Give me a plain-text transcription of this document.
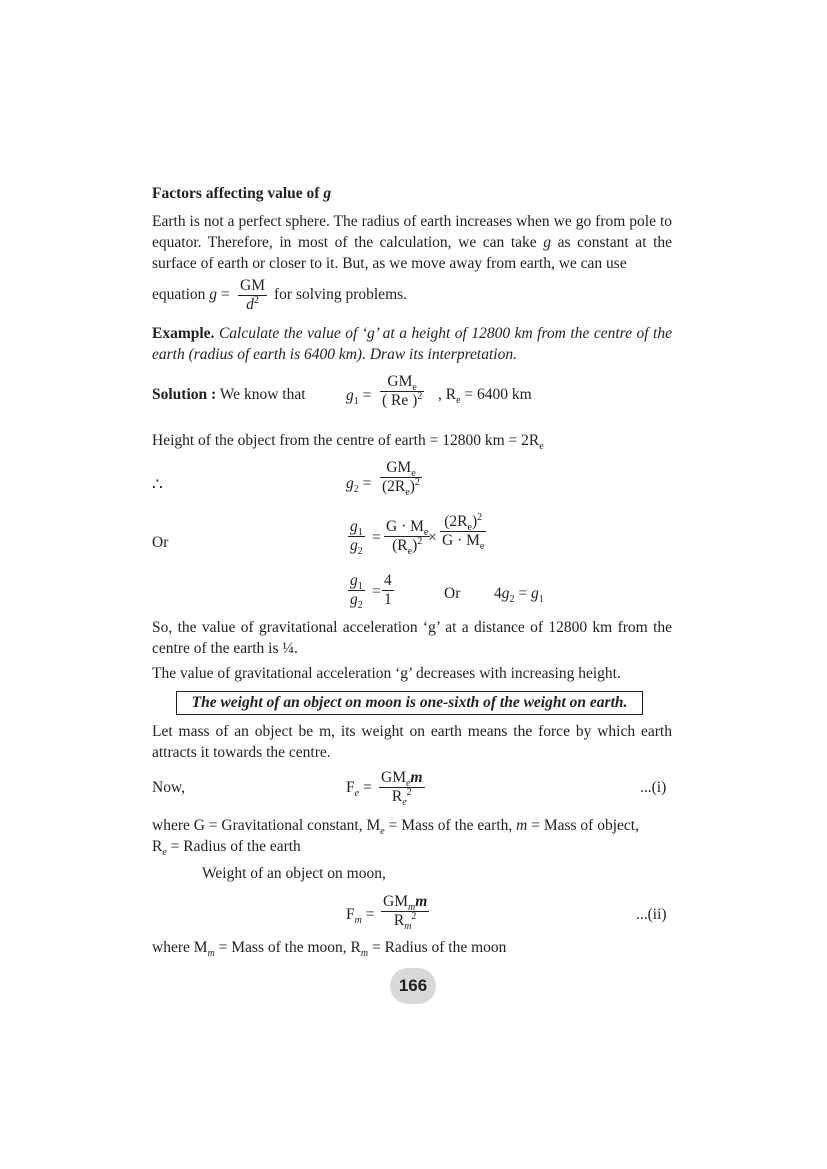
Factors affecting value of g
Earth is not a perfect sphere. The radius of earth increases when we go from pole to equator. Therefore, in most of the calculation, we can take g as constant at the surface of earth or closer to it. But, as we move away from earth, we can use
equation g =
GM
$d^2$ for solving problems.
Example. Calculate the value of ‘g’ at a height of 12800 km from the centre of the earth (radius of earth is 6400 km). Draw its interpretation.
Solution : We know that	$g_1$ =
$GM_e$
( Re )$^2$ , $R_e = 6400$ km
Height of the object from the centre of earth = 12800 km = $2R_e$
∴	$g_2$ =
$GM_e$
$(2R_e)^2$
Or
$g_1$
$g_2$
=
$G \cdot M_e$
$(R_e)^2$ ×
$(2R_e)^2$
$G \cdot M_e$
$g_1$
$g_2$
=
4
1	Or $4g_2 = g_1$
So, the value of gravitational acceleration ‘g’ at a distance of 12800 km from the centre of the earth is ¼.
The value of gravitational acceleration ‘g’ decreases with increasing height.
The weight of an object on moon is one-sixth of the weight on earth.
Let mass of an object be m, its weight on earth means the force by which earth attracts it towards the centre.
Now,	$F_e$ =
$GM_em$
$R_e^2$	...(i)
where G = Gravitational constant, $M_e$ = Mass of the earth, m = Mass of object,
$R_e$ = Radius of the earth
Weight of an object on moon,
$F_m$ =
$GM_mm$
$R_m^2$	...(ii)
where $M_m$ = Mass of the moon, $R_m$ = Radius of the moon
166
